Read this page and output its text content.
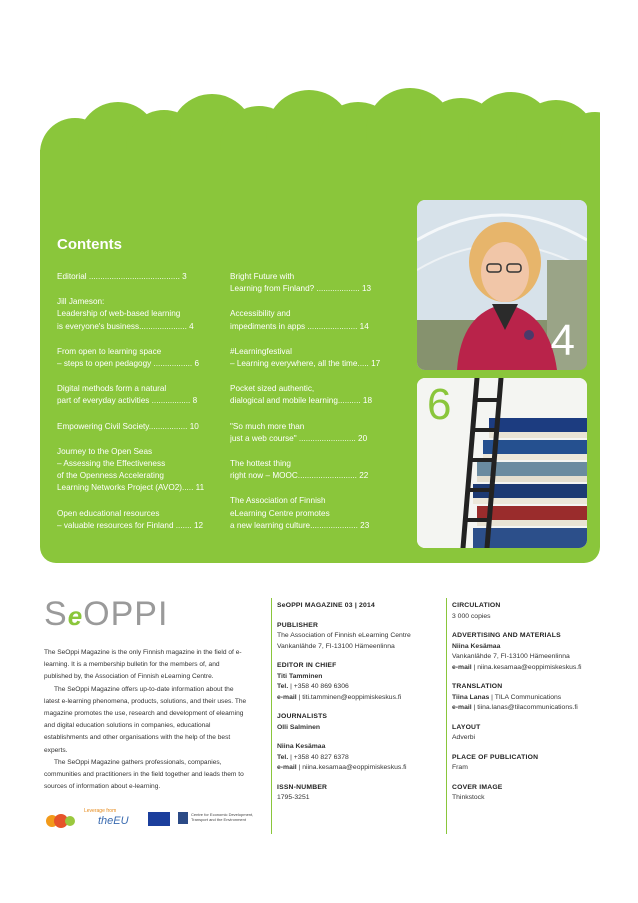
Contents
Editorial ........................................ 3
Jill Jameson:
Leadership of web-based learning
is everyone's business..................... 4
From open to learning space
– steps to open pedagogy ................. 6
Digital methods form a natural
part of everyday activities ................. 8
Empowering Civil Society................. 10
Journey to the Open Seas
– Assessing the Effectiveness
of the Openness Accelerating
Learning Networks Project (AVO2)..... 11
Open educational resources
– valuable resources for Finland ....... 12
Bright Future with
Learning from Finland? ................... 13
Accessibility and
impediments in apps ...................... 14
#Learningfestival
– Learning everywhere, all the time..... 17
Pocket sized authentic,
dialogical and mobile learning.......... 18
"So much more than
just a web course" ......................... 20
The hottest thing
right now – MOOC.......................... 22
The Association of Finnish
eLearning Centre promotes
a new learning culture..................... 23
4
6
SeOPPI

The SeOppi Magazine is the only Finnish magazine in the field of e-learning. It is a membership bulletin for the members of, and published by, the Association of Finnish eLearning Centre.

The SeOppi Magazine offers up-to-date information about the latest e-learning phenomena, products, solutions, and their uses. The magazine promotes the use, research and development of elearning and digital education solutions in companies, educational establishments and other organisations with the help of the best experts.

The SeOppi Magazine gathers professionals, companies, communities and practitioners in the field together and leads them to sources of information about e-learning.

Leverage from
theEU
Centre for Economic Development, Transport and the Environment
SeOPPI MAGAZINE 03 | 2014
PUBLISHER
The Association of Finnish eLearning Centre
Vankanlähde 7, FI-13100 Hämeenlinna
EDITOR IN CHIEF
Titi Tamminen
Tel. | +358 40 869 6306
e-mail | titi.tamminen@eoppimiskeskus.fi
JOURNALISTS
Olli Salminen
Niina Kesämaa
Tel. | +358 40 827 6378
e-mail | niina.kesamaa@eoppimiskeskus.fi
ISSN-NUMBER
1795-3251
CIRCULATION
3 000 copies
ADVERTISING AND MATERIALS
Niina Kesämaa
Vankanlähde 7, FI-13100 Hämeenlinna
e-mail | niina.kesamaa@eoppimiskeskus.fi
TRANSLATION
Tiina Lanas | TILA Communications
e-mail | tiina.lanas@tilacommunications.fi
LAYOUT
Adverbi
PLACE OF PUBLICATION
Fram
COVER IMAGE
Thinkstock
